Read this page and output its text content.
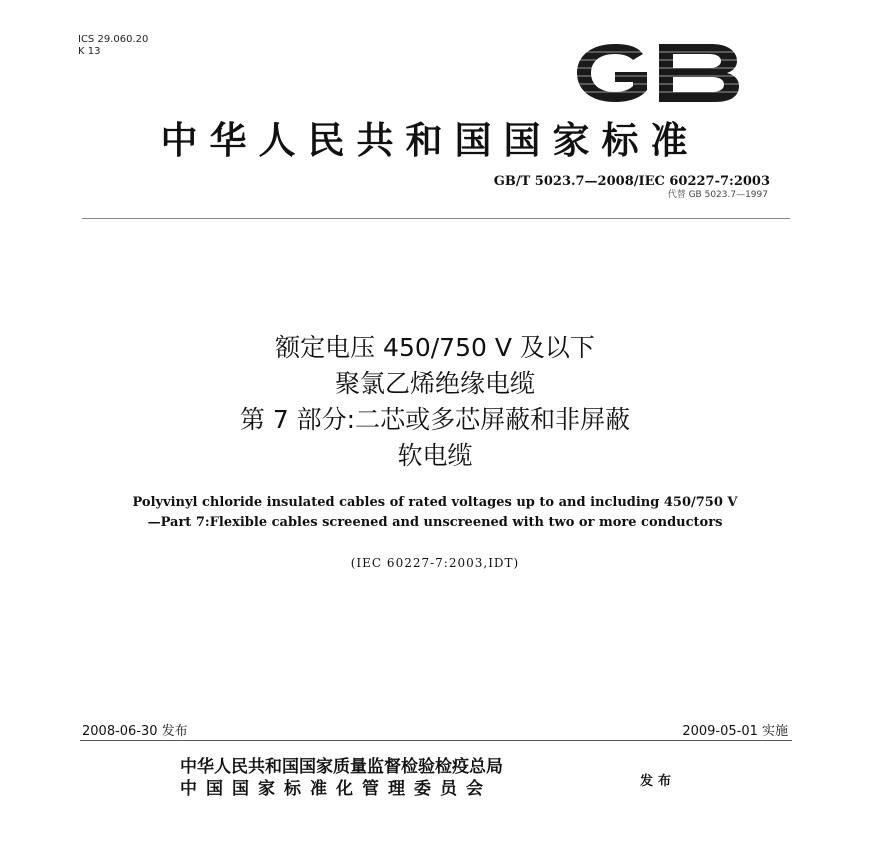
ICS 29.060.20
K 13
中华人民共和国国家标准
GB/T 5023.7—2008/IEC 60227-7:2003
代替 GB 5023.7—1997
额定电压 450/750 V 及以下
聚氯乙烯绝缘电缆
第 7 部分:二芯或多芯屏蔽和非屏蔽
软电缆
Polyvinyl chloride insulated cables of rated voltages up to and including 450/750 V
—Part 7:Flexible cables screened and unscreened with two or more conductors
(IEC 60227-7:2003,IDT)
2008-06-30 发布	2009-05-01 实施
中华人民共和国国家质量监督检验检疫总局
中国国家标准化管理委员会	发布
